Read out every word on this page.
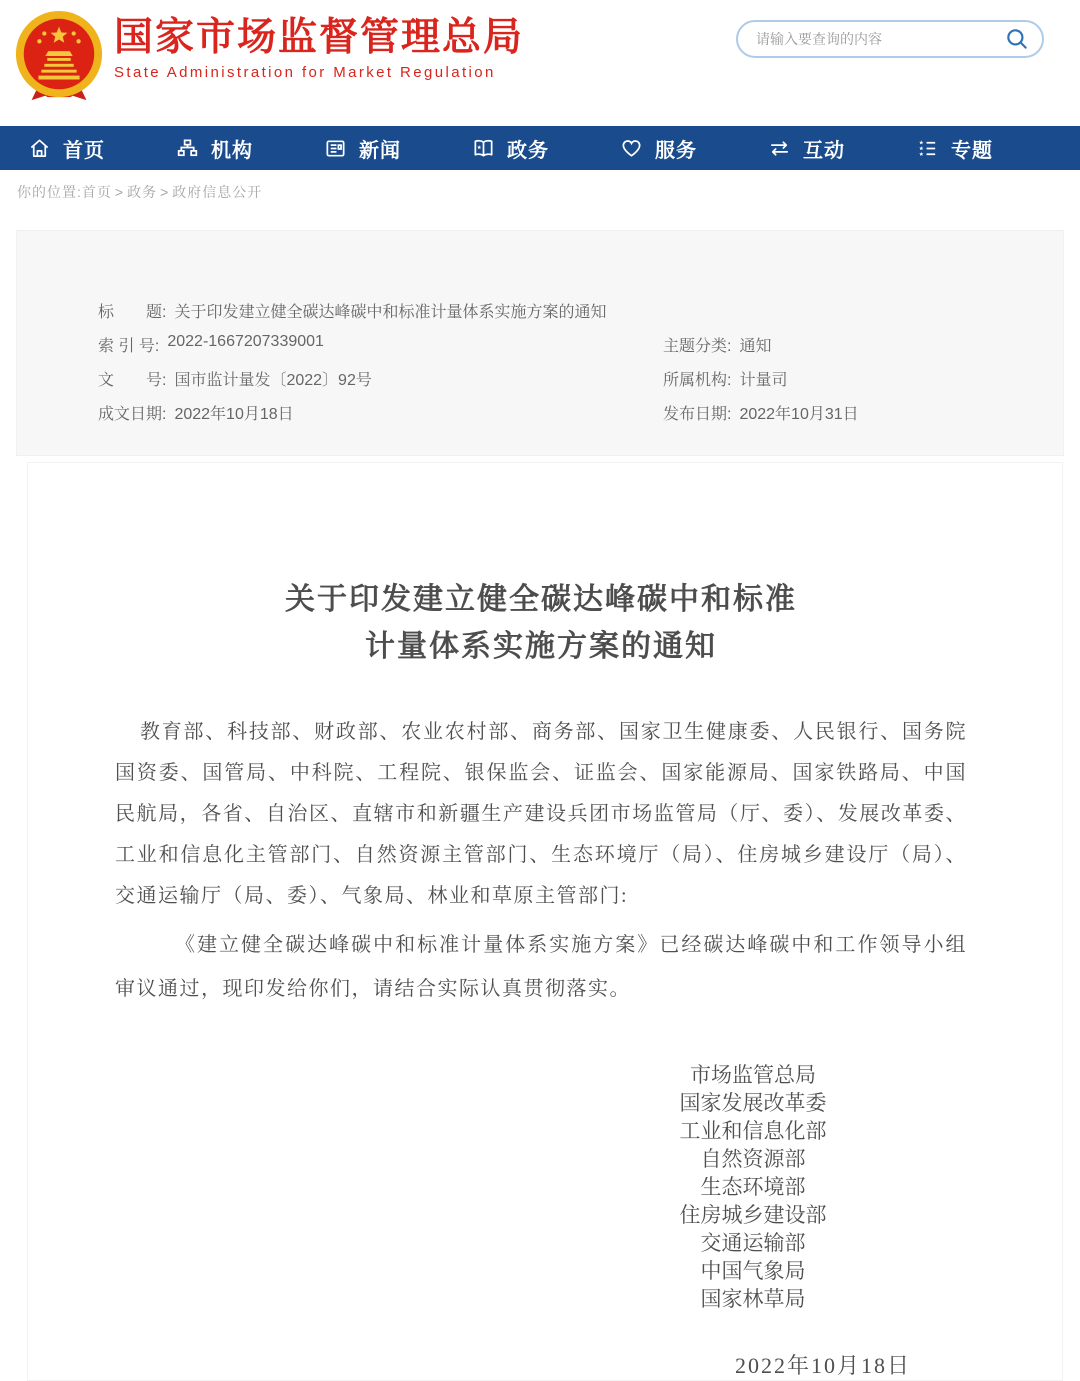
国家市场监督管理总局
State Administration for Market Regulation
请输入要查询的内容
首页	机构	新闻	政务	服务	互动	专题
你的位置: 首页 > 政务 > 政府信息公开
标　　题: 关于印发建立健全碳达峰碳中和标准计量体系实施方案的通知
索 引 号: 2022-1667207339001	主题分类: 通知
文　　号: 国市监计量发〔2022〕92号	所属机构: 计量司
成文日期: 2022年10月18日	发布日期: 2022年10月31日
关于印发建立健全碳达峰碳中和标准
计量体系实施方案的通知

教育部、科技部、财政部、农业农村部、商务部、国家卫生健康委、人民银行、国务院国资委、国管局、中科院、工程院、银保监会、证监会、国家能源局、国家铁路局、中国民航局，各省、自治区、直辖市和新疆生产建设兵团市场监管局（厅、委）、发展改革委、工业和信息化主管部门、自然资源主管部门、生态环境厅（局）、住房城乡建设厅（局）、交通运输厅（局、委）、气象局、林业和草原主管部门:

《建立健全碳达峰碳中和标准计量体系实施方案》已经碳达峰碳中和工作领导小组审议通过，现印发给你们，请结合实际认真贯彻落实。

市场监管总局
国家发展改革委
工业和信息化部
自然资源部
生态环境部
住房城乡建设部
交通运输部
中国气象局
国家林草局
2022年10月18日
